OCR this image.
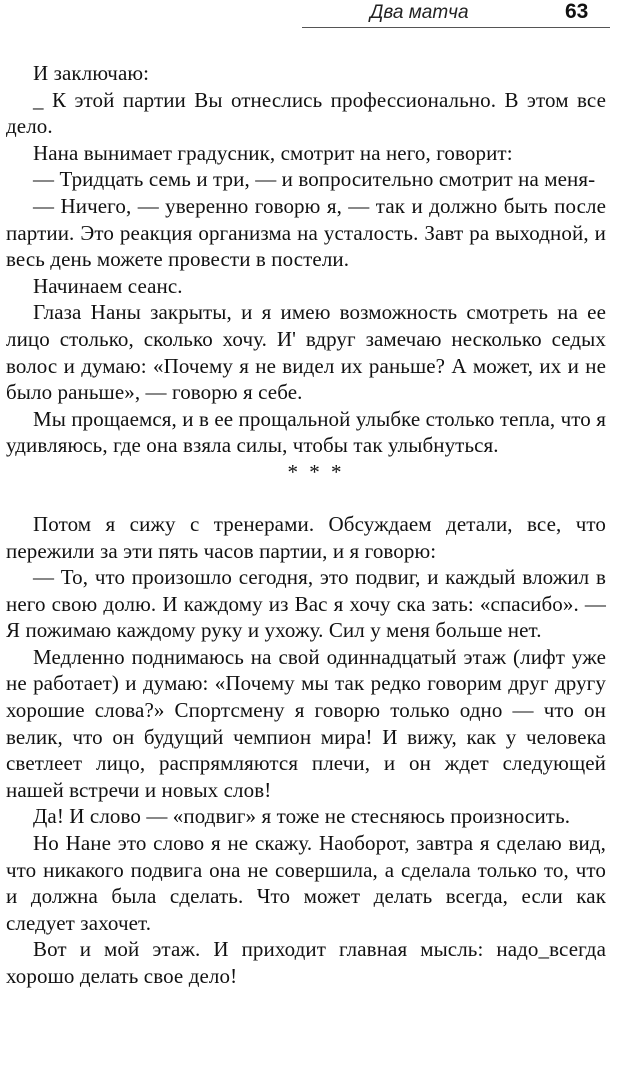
Два матча	63

И заключаю:

_ К этой партии Вы отнеслись профессионально. В этом все дело.

Нана вынимает градусник, смотрит на него, говорит:

— Тридцать семь и три, — и вопросительно смотрит на меня-

— Ничего, — уверенно говорю я, — так и должно быть после партии. Это реакция организма на усталость. Завт ра выходной, и весь день можете провести в постели.

Начинаем сеанс.

Глаза Наны закрыты, и я имею возможность смотреть на ее лицо столько, сколько хочу. И' вдруг замечаю несколько седых волос и думаю: «Почему я не видел их раньше? А может, их и не было раньше», — говорю я себе.

Мы прощаемся, и в ее прощальной улыбке столько тепла, что я удивляюсь, где она взяла силы, чтобы так улыбнуться.

* * *

Потом я сижу с тренерами. Обсуждаем детали, все, что пережили за эти пять часов партии, и я говорю:

— То, что произошло сегодня, это подвиг, и каждый вложил в него свою долю. И каждому из Вас я хочу ска зать: «спасибо». — Я пожимаю каждому руку и ухожу. Сил у меня больше нет.

Медленно поднимаюсь на свой одиннадцатый этаж (лифт уже не работает) и думаю: «Почему мы так редко говорим друг другу хорошие слова?» Спортсмену я говорю только одно — что он велик, что он будущий чемпион мира! И вижу, как у человека светлеет лицо, распрямляются плечи, и он ждет следующей нашей встречи и новых слов!

Да! И слово — «подвиг» я тоже не стесняюсь произносить.

Но Нане это слово я не скажу. Наоборот, завтра я сделаю вид, что никакого подвига она не совершила, а сделала только то, что и должна была сделать. Что может делать всегда, если как следует захочет.

Вот и мой этаж. И приходит главная мысль: надо_всегда хорошо делать свое дело!
